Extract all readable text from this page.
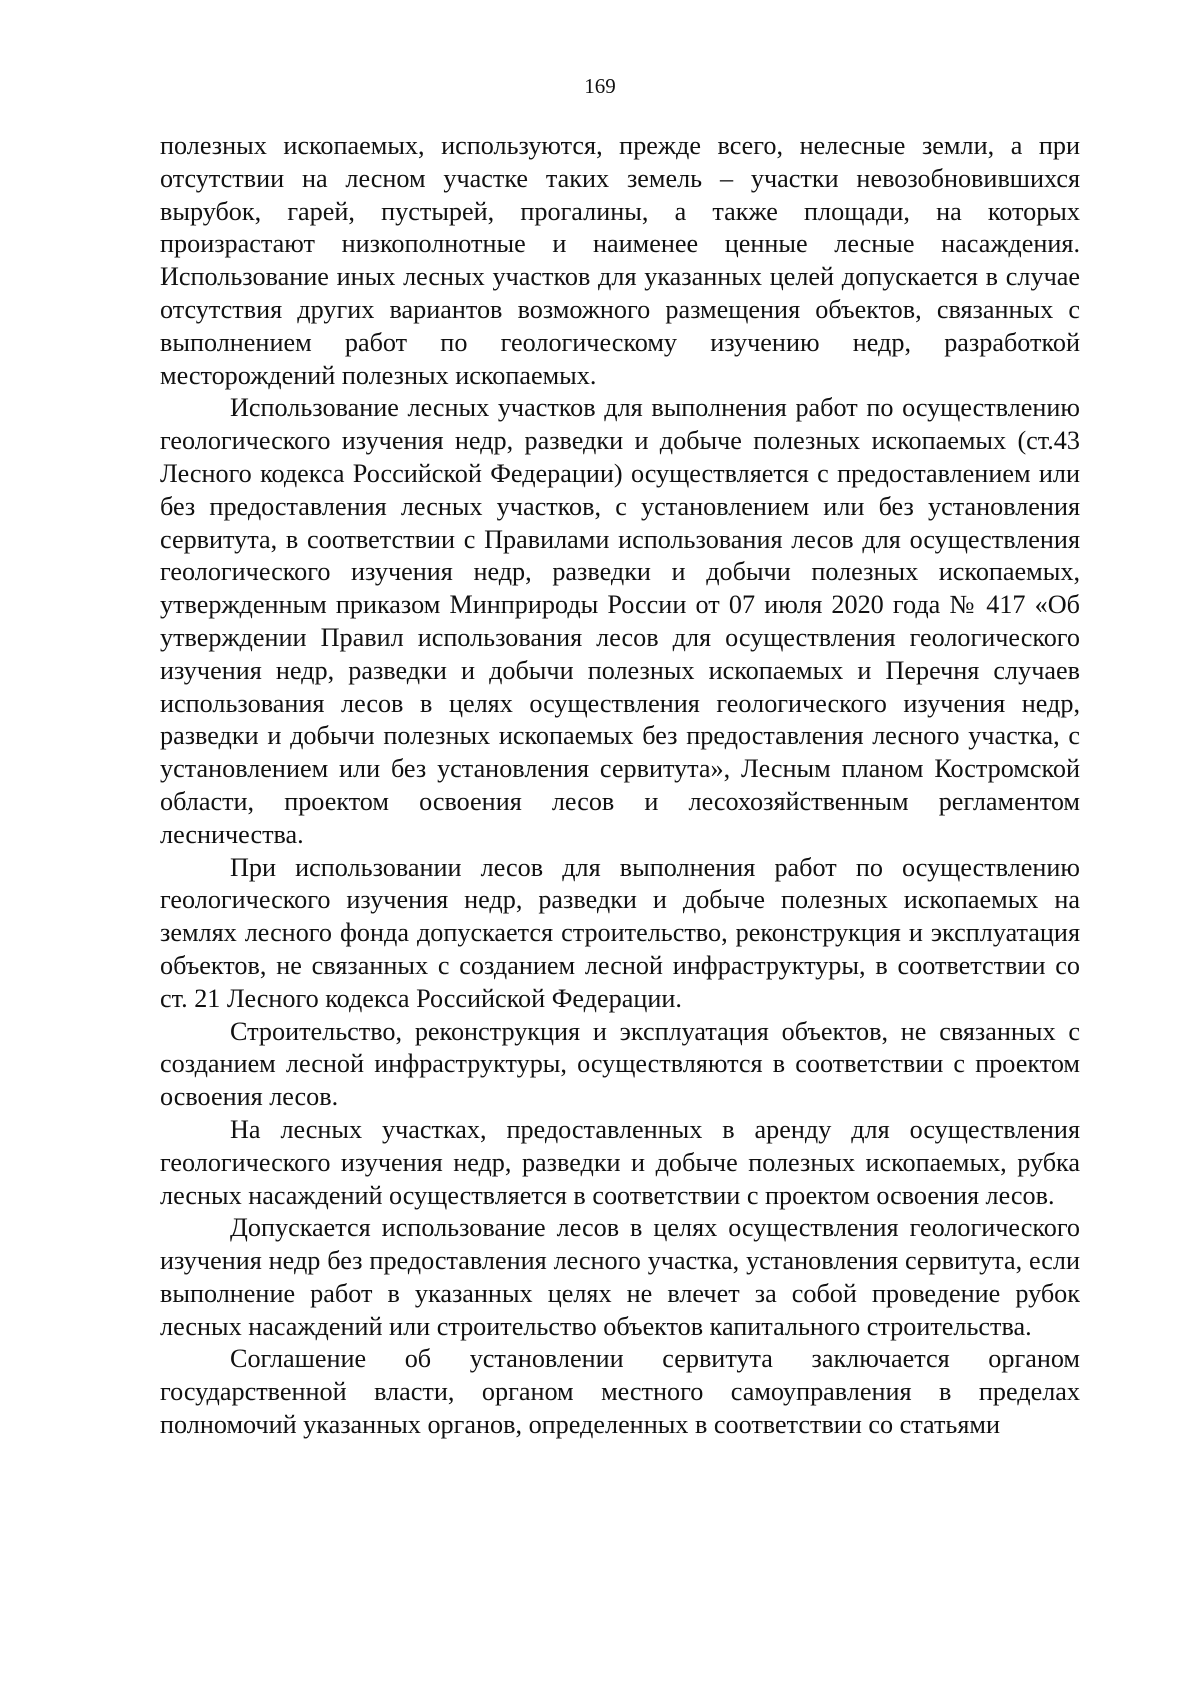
169

полезных ископаемых, используются, прежде всего, нелесные земли, а при отсутствии на лесном участке таких земель – участки невозобновившихся вырубок, гарей, пустырей, прогалины, а также площади, на которых произрастают низкополнотные и наименее ценные лесные насаждения. Использование иных лесных участков для указанных целей допускается в случае отсутствия других вариантов возможного размещения объектов, связанных с выполнением работ по геологическому изучению недр, разработкой месторождений полезных ископаемых.

Использование лесных участков для выполнения работ по осуществлению геологического изучения недр, разведки и добыче полезных ископаемых (ст.43 Лесного кодекса Российской Федерации) осуществляется с предоставлением или без предоставления лесных участков, с установлением или без установления сервитута, в соответствии с Правилами использования лесов для осуществления геологического изучения недр, разведки и добычи полезных ископаемых, утвержденным приказом Минприроды России от 07 июля 2020 года № 417 «Об утверждении Правил использования лесов для осуществления геологического изучения недр, разведки и добычи полезных ископаемых и Перечня случаев использования лесов в целях осуществления геологического изучения недр, разведки и добычи полезных ископаемых без предоставления лесного участка, с установлением или без установления сервитута», Лесным планом Костромской области, проектом освоения лесов и лесохозяйственным регламентом лесничества.

При использовании лесов для выполнения работ по осуществлению геологического изучения недр, разведки и добыче полезных ископаемых на землях лесного фонда допускается строительство, реконструкция и эксплуатация объектов, не связанных с созданием лесной инфраструктуры, в соответствии со ст. 21 Лесного кодекса Российской Федерации.

Строительство, реконструкция и эксплуатация объектов, не связанных с созданием лесной инфраструктуры, осуществляются в соответствии с проектом освоения лесов.

На лесных участках, предоставленных в аренду для осуществления геологического изучения недр, разведки и добыче полезных ископаемых, рубка лесных насаждений осуществляется в соответствии с проектом освоения лесов.

Допускается использование лесов в целях осуществления геологического изучения недр без предоставления лесного участка, установления сервитута, если выполнение работ в указанных целях не влечет за собой проведение рубок лесных насаждений или строительство объектов капитального строительства.

Соглашение об установлении сервитута заключается органом государственной власти, органом местного самоуправления в пределах полномочий указанных органов, определенных в соответствии со статьями
